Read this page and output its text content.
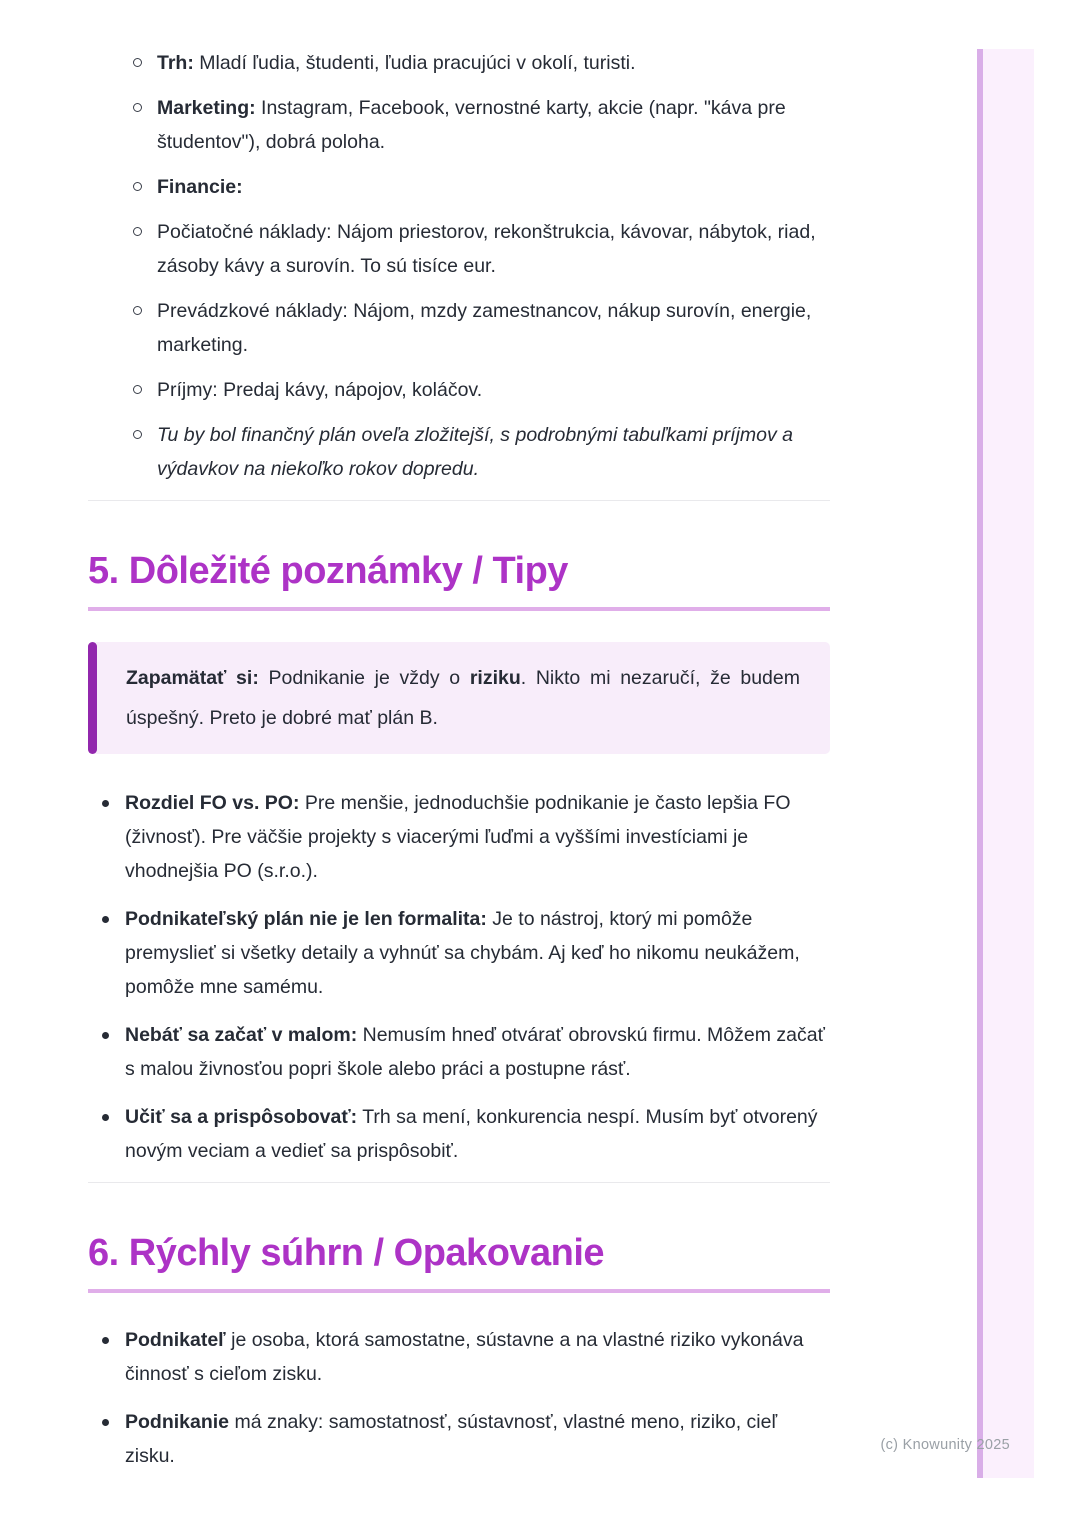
Trh: Mladí ľudia, študenti, ľudia pracujúci v okolí, turisti.
Marketing: Instagram, Facebook, vernostné karty, akcie (napr. "káva pre študentov"), dobrá poloha.
Financie:
Počiatočné náklady: Nájom priestorov, rekonštrukcia, kávovar, nábytok, riad, zásoby kávy a surovín. To sú tisíce eur.
Prevádzkové náklady: Nájom, mzdy zamestnancov, nákup surovín, energie, marketing.
Príjmy: Predaj kávy, nápojov, koláčov.
Tu by bol finančný plán oveľa zložitejší, s podrobnými tabuľkami príjmov a výdavkov na niekoľko rokov dopredu.
5. Dôležité poznámky / Tipy

Zapamätať si: Podnikanie je vždy o riziku. Nikto mi nezaručí, že budem úspešný. Preto je dobré mať plán B.

Rozdiel FO vs. PO: Pre menšie, jednoduchšie podnikanie je často lepšia FO (živnosť). Pre väčšie projekty s viacerými ľuďmi a vyššími investíciami je vhodnejšia PO (s.r.o.).
Podnikateľský plán nie je len formalita: Je to nástroj, ktorý mi pomôže premyslieť si všetky detaily a vyhnúť sa chybám. Aj keď ho nikomu neukážem, pomôže mne samému.
Nebáť sa začať v malom: Nemusím hneď otvárať obrovskú firmu. Môžem začať s malou živnosťou popri škole alebo práci a postupne rásť.
Učiť sa a prispôsobovať: Trh sa mení, konkurencia nespí. Musím byť otvorený novým veciam a vedieť sa prispôsobiť.
6. Rýchly súhrn / Opakovanie
Podnikateľ je osoba, ktorá samostatne, sústavne a na vlastné riziko vykonáva činnosť s cieľom zisku.
Podnikanie má znaky: samostatnosť, sústavnosť, vlastné meno, riziko, cieľ zisku.	(c) Knowunity 2025
